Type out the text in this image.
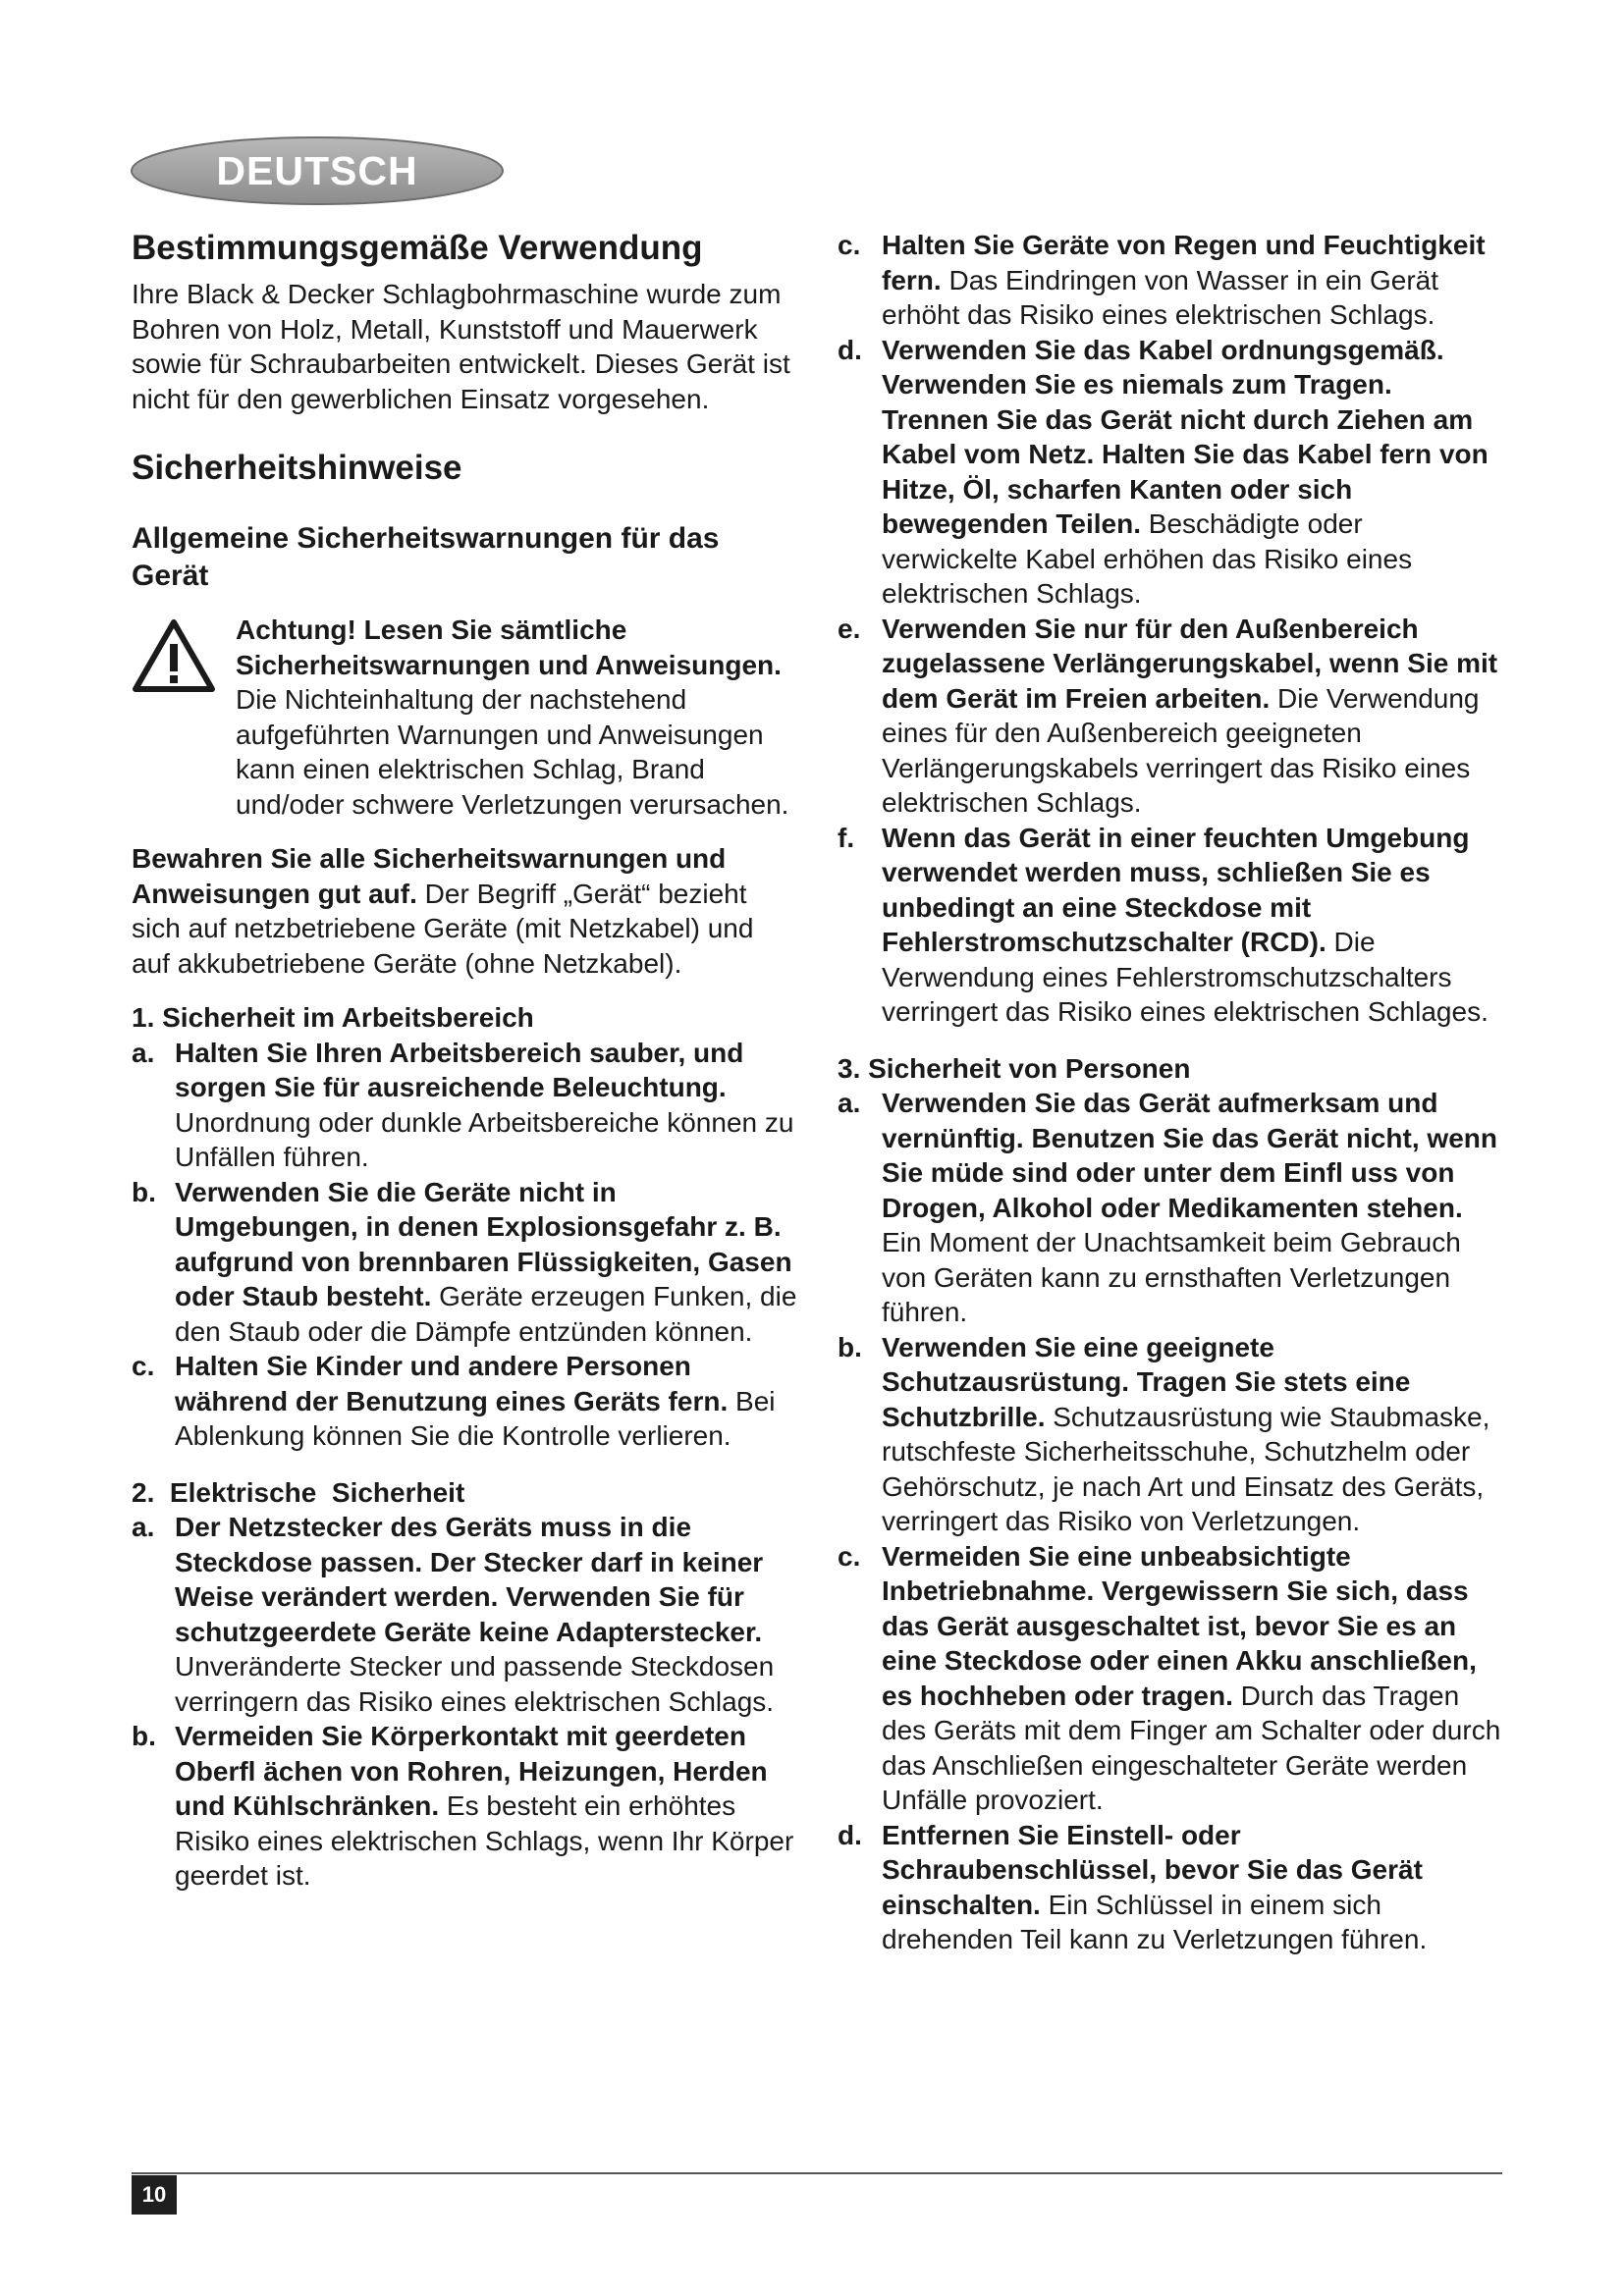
DEUTSCH
Bestimmungsgemäße Verwendung

Ihre Black & Decker Schlagbohrmaschine wurde zum Bohren von Holz, Metall, Kunststoff und Mauerwerk sowie für Schraubarbeiten entwickelt. Dieses Gerät ist nicht für den gewerblichen Einsatz vorgesehen.

Sicherheitshinweise
Allgemeine Sicherheitswarnungen für das Gerät
Achtung! Lesen Sie sämtliche Sicherheitswarnungen und Anweisungen. Die Nichteinhaltung der nachstehend aufgeführten Warnungen und Anweisungen kann einen elektrischen Schlag, Brand und/oder schwere Verletzungen verursachen.

Bewahren Sie alle Sicherheitswarnungen und Anweisungen gut auf. Der Begriff „Gerät“ bezieht sich auf netzbetriebene Geräte (mit Netzkabel) und auf akkubetriebene Geräte (ohne Netzkabel).

1. Sicherheit im Arbeitsbereich
a. Halten Sie Ihren Arbeitsbereich sauber, und sorgen Sie für ausreichende Beleuchtung. Unordnung oder dunkle Arbeitsbereiche können zu Unfällen führen.
b. Verwenden Sie die Geräte nicht in Umgebungen, in denen Explosionsgefahr z. B. aufgrund von brennbaren Flüssigkeiten, Gasen oder Staub besteht. Geräte erzeugen Funken, die den Staub oder die Dämpfe entzünden können.
c. Halten Sie Kinder und andere Personen während der Benutzung eines Geräts fern. Bei Ablenkung können Sie die Kontrolle verlieren.
2.  Elektrische  Sicherheit
a. Der Netzstecker des Geräts muss in die Steckdose passen. Der Stecker darf in keiner Weise verändert werden. Verwenden Sie für schutzgeerdete Geräte keine Adapterstecker. Unveränderte Stecker und passende Steckdosen verringern das Risiko eines elektrischen Schlags.
b. Vermeiden Sie Körperkontakt mit geerdeten Oberfl ächen von Rohren, Heizungen, Herden und Kühlschränken. Es besteht ein erhöhtes Risiko eines elektrischen Schlags, wenn Ihr Körper geerdet ist.
c. Halten Sie Geräte von Regen und Feuchtigkeit fern. Das Eindringen von Wasser in ein Gerät erhöht das Risiko eines elektrischen Schlags.
d. Verwenden Sie das Kabel ordnungsgemäß. Verwenden Sie es niemals zum Tragen. Trennen Sie das Gerät nicht durch Ziehen am Kabel vom Netz. Halten Sie das Kabel fern von Hitze, Öl, scharfen Kanten oder sich bewegenden Teilen. Beschädigte oder verwickelte Kabel erhöhen das Risiko eines elektrischen Schlags.
e. Verwenden Sie nur für den Außenbereich zugelassene Verlängerungskabel, wenn Sie mit dem Gerät im Freien arbeiten. Die Verwendung eines für den Außenbereich geeigneten Verlängerungskabels verringert das Risiko eines elektrischen Schlags.
f. Wenn das Gerät in einer feuchten Umgebung verwendet werden muss, schließen Sie es unbedingt an eine Steckdose mit Fehlerstromschutzschalter (RCD). Die Verwendung eines Fehlerstromschutzschalters verringert das Risiko eines elektrischen Schlages.
3. Sicherheit von Personen
a. Verwenden Sie das Gerät aufmerksam und vernünftig. Benutzen Sie das Gerät nicht, wenn Sie müde sind oder unter dem Einfl uss von Drogen, Alkohol oder Medikamenten stehen. Ein Moment der Unachtsamkeit beim Gebrauch von Geräten kann zu ernsthaften Verletzungen führen.
b. Verwenden Sie eine geeignete Schutzausrüstung. Tragen Sie stets eine Schutzbrille. Schutzausrüstung wie Staubmaske, rutschfeste Sicherheitsschuhe, Schutzhelm oder Gehörschutz, je nach Art und Einsatz des Geräts, verringert das Risiko von Verletzungen.
c. Vermeiden Sie eine unbeabsichtigte Inbetriebnahme. Vergewissern Sie sich, dass das Gerät ausgeschaltet ist, bevor Sie es an eine Steckdose oder einen Akku anschließen, es hochheben oder tragen. Durch das Tragen des Geräts mit dem Finger am Schalter oder durch das Anschließen eingeschalteter Geräte werden Unfälle provoziert.
d. Entfernen Sie Einstell- oder Schraubenschlüssel, bevor Sie das Gerät einschalten. Ein Schlüssel in einem sich drehenden Teil kann zu Verletzungen führen.
10
